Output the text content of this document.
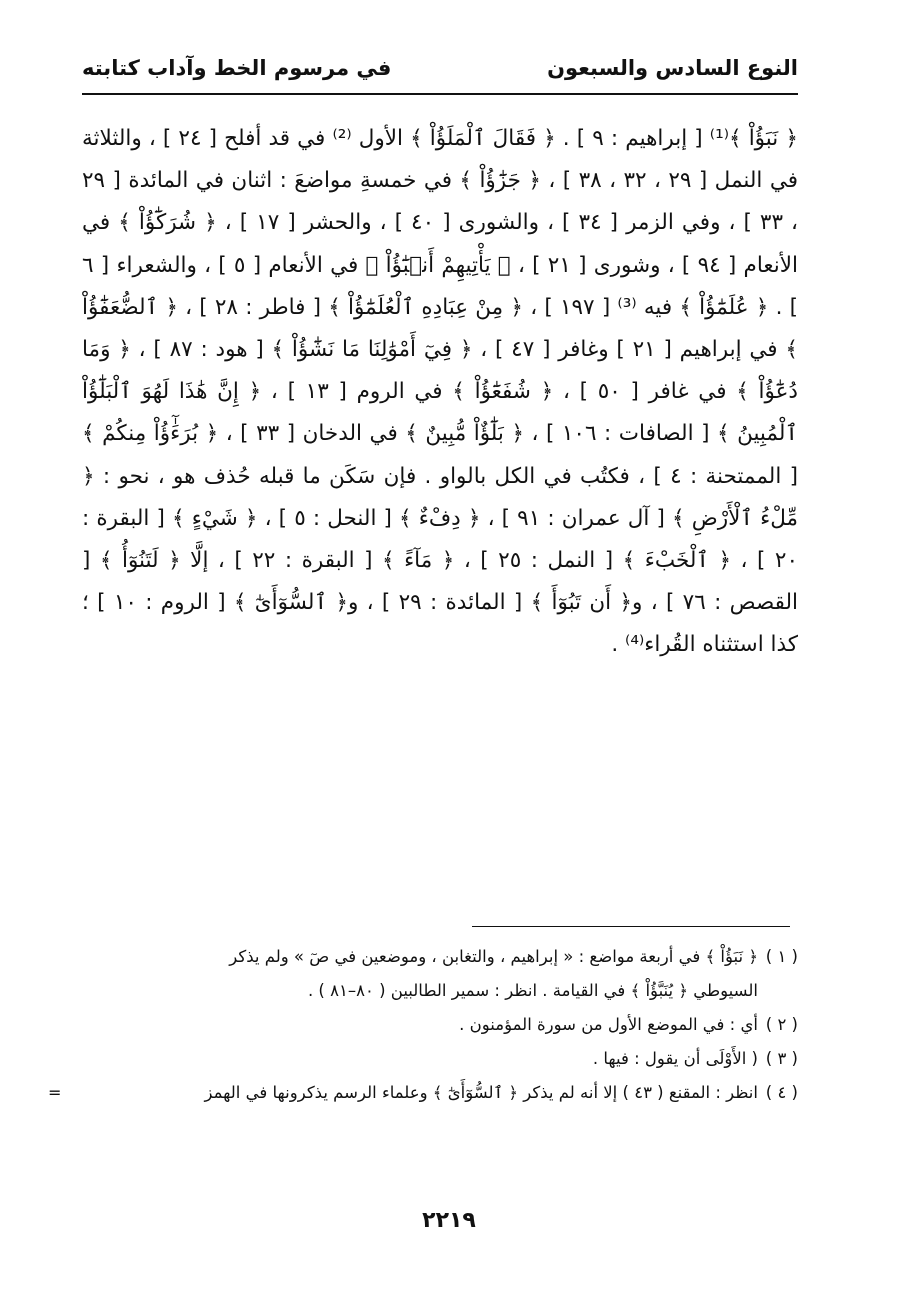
النوع السادس والسبعون
في مرسوم الخط وآداب كتابته

﴿ نَبَؤُاْ ﴾⁽¹⁾ [ إبراهيم : ٩ ] . ﴿ فَقَالَ ٱلْمَلَؤُاْ ﴾ الأول ⁽²⁾ في قد أفلح [ ٢٤ ] ، والثلاثة في النمل [ ٢٩ ، ٣٢ ، ٣٨ ] ، ﴿ جَزَٰٓؤُاْ ﴾ في خمسةِ مواضعَ : اثنان في المائدة [ ٢٩ ، ٣٣ ] ، وفي الزمر [ ٣٤ ] ، والشورى [ ٤٠ ] ، والحشر [ ١٧ ] ، ﴿ شُرَكَٰٓؤُاْ ﴾ في الأنعام [ ٩٤ ] ، وشورى [ ٢١ ] ، ﴿ يَأْتِيهِمْ أَنۢبَٰٓؤُاْ ﴾ في الأنعام [ ٥ ] ، والشعراء [ ٦ ] . ﴿ عُلَمَٰٓؤُاْ ﴾ فيه ⁽³⁾ [ ١٩٧ ] ، ﴿ مِنْ عِبَادِهِ ٱلْعُلَمَٰٓؤُاْ ﴾ [ فاطر : ٢٨ ] ، ﴿ ٱلضُّعَفَٰٓؤُاْ ﴾ في إبراهيم [ ٢١ ] وغافر [ ٤٧ ] ، ﴿ فِيٓ أَمْوَٰلِنَا مَا نَشَٰٓؤُاْ ﴾ [ هود : ٨٧ ] ، ﴿ وَمَا دُعَٰٓؤُاْ ﴾ في غافر [ ٥٠ ] ، ﴿ شُفَعَٰٓؤُاْ ﴾ في الروم [ ١٣ ] ، ﴿ إِنَّ هَٰذَا لَهُوَ ٱلْبَلَٰٓؤُاْ ٱلْمُبِينُ ﴾ [ الصافات : ١٠٦ ] ، ﴿ بَلَٰٓؤٌاْ مُّبِينٌ ﴾ في الدخان [ ٣٣ ] ، ﴿ بُرَءَٰٓؤُاْ مِنكُمْ ﴾ [ الممتحنة : ٤ ] ، فكتُب في الكل بالواو . فإن سَكَن ما قبله حُذف هو ، نحو : ﴿ مِّلْءُ ٱلْأَرْضِ ﴾ [ آل عمران : ٩١ ] ، ﴿ دِفْءٌ ﴾ [ النحل : ٥ ] ، ﴿ شَيْءٍ ﴾ [ البقرة : ٢٠ ] ، ﴿ ٱلْخَبْءَ ﴾ [ النمل : ٢٥ ] ، ﴿ مَآءً ﴾ [ البقرة : ٢٢ ] ، إلَّا ﴿ لَتَنُوٓأُ ﴾ [ القصص : ٧٦ ] ، و﴿ أَن تَبُوٓأَ ﴾ [ المائدة : ٢٩ ] ، و﴿ ٱلسُّوٓأَىٰٓ ﴾ [ الروم : ١٠ ] ؛ كذا استثناه القُراء⁽⁴⁾ .

( ١ )
﴿ نَبَؤُاْ ﴾ في أربعة مواضع : « إبراهيم ، والتغابن ، وموضعين في صٓ » ولم يذكر

السيوطي ﴿ يُنَبَّؤُاْ ﴾ في القيامة . انظر : سمير الطالبين ( ٨٠–٨١ ) .

( ٢ )
أي : في الموضع الأول من سورة المؤمنون .

( ٣ )
( الأَوْلَى أن يقول : فيها .

( ٤ )
انظر : المقنع ( ٤٣ ) إلا أنه لم يذكر ﴿ ٱلسُّوٓأَىٰٓ ﴾ وعلماء الرسم يذكرونها في الهمز
=

٢٢١٩
